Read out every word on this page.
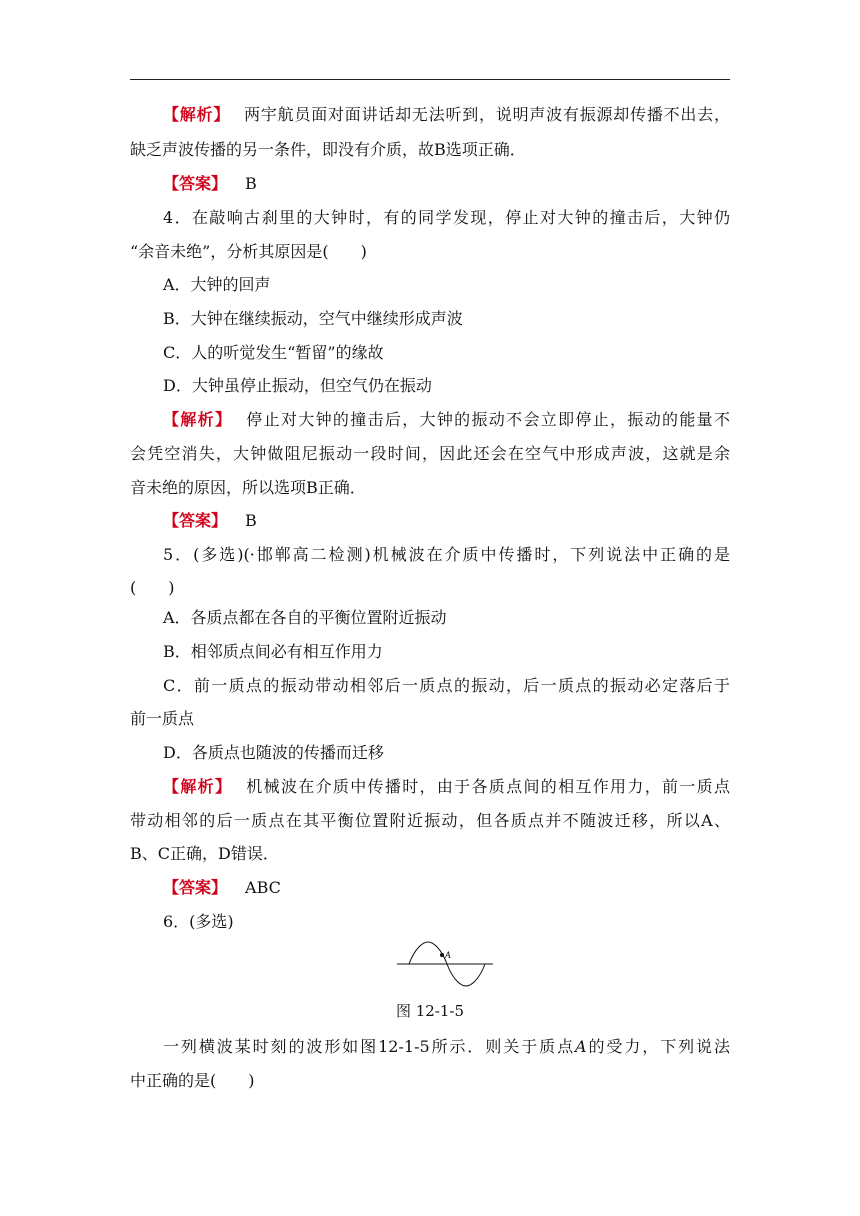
【解析】 两宇航员面对面讲话却无法听到，说明声波有振源却传播不出去，
缺乏声波传播的另一条件，即没有介质，故B选项正确．
【答案】 B
4．在敲响古刹里的大钟时，有的同学发现，停止对大钟的撞击后，大钟仍
“余音未绝”，分析其原因是(　　)
A．大钟的回声
B．大钟在继续振动，空气中继续形成声波
C．人的听觉发生“暂留”的缘故
D．大钟虽停止振动，但空气仍在振动
【解析】 停止对大钟的撞击后，大钟的振动不会立即停止，振动的能量不
会凭空消失，大钟做阻尼振动一段时间，因此还会在空气中形成声波，这就是余
音未绝的原因，所以选项B正确．
【答案】 B
5．(多选)(·邯郸高二检测)机械波在介质中传播时，下列说法中正确的是
(　　)
A．各质点都在各自的平衡位置附近振动
B．相邻质点间必有相互作用力
C．前一质点的振动带动相邻后一质点的振动，后一质点的振动必定落后于
前一质点
D．各质点也随波的传播而迁移
【解析】 机械波在介质中传播时，由于各质点间的相互作用力，前一质点
带动相邻的后一质点在其平衡位置附近振动，但各质点并不随波迁移，所以A、
B、C正确，D错误．
【答案】 ABC
6．(多选)
A
图 12-1-5
一列横波某时刻的波形如图12-1-5所示．则关于质点A的受力，下列说法
中正确的是(　　)
